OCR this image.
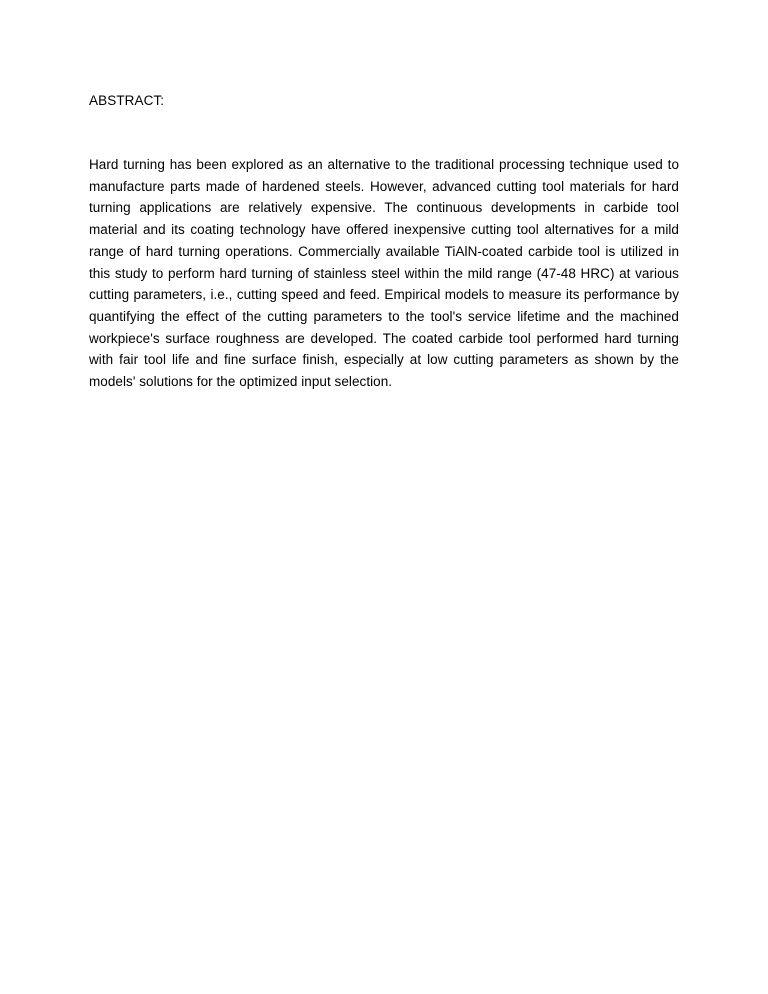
ABSTRACT:

Hard turning has been explored as an alternative to the traditional processing technique used to manufacture parts made of hardened steels. However, advanced cutting tool materials for hard turning applications are relatively expensive. The continuous developments in carbide tool material and its coating technology have offered inexpensive cutting tool alternatives for a mild range of hard turning operations. Commercially available TiAlN-coated carbide tool is utilized in this study to perform hard turning of stainless steel within the mild range (47-48 HRC) at various cutting parameters, i.e., cutting speed and feed. Empirical models to measure its performance by quantifying the effect of the cutting parameters to the tool's service lifetime and the machined workpiece's surface roughness are developed. The coated carbide tool performed hard turning with fair tool life and fine surface finish, especially at low cutting parameters as shown by the models' solutions for the optimized input selection.
